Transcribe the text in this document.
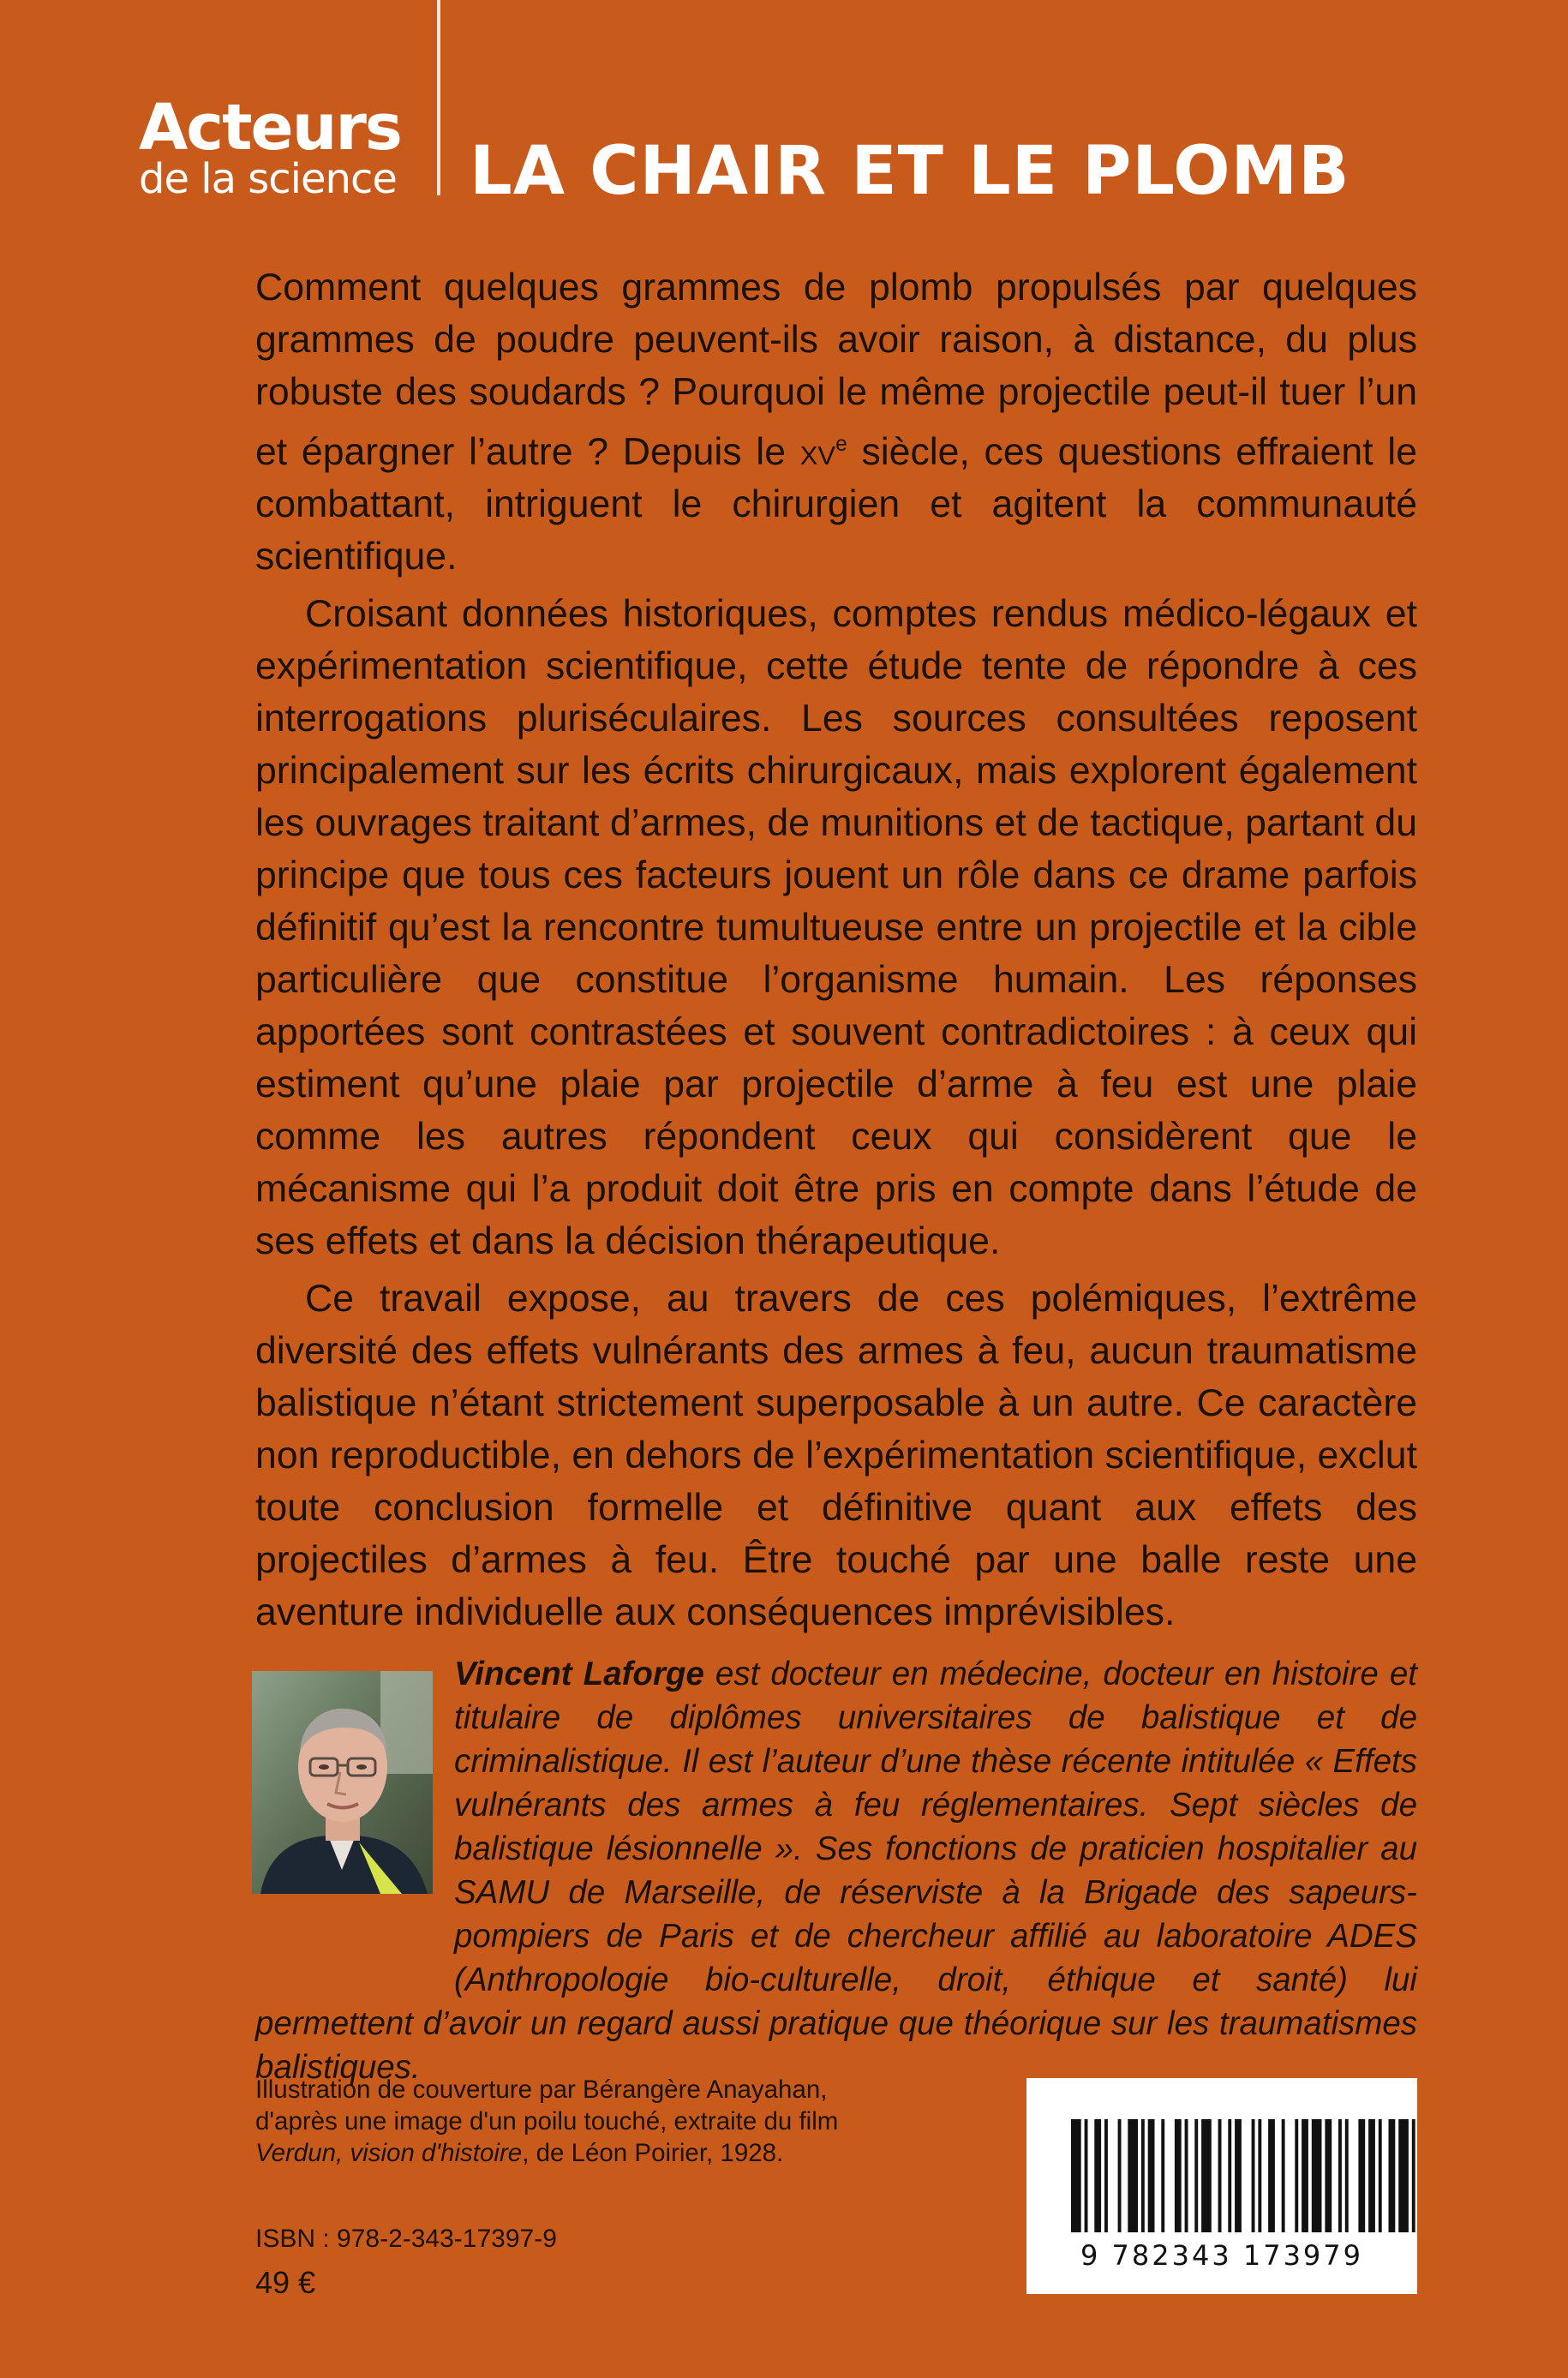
Acteurs
de la science LA CHAIR ET LE PLOMB

Comment quelques grammes de plomb propulsés par quelques grammes de poudre peuvent-ils avoir raison, à distance, du plus robuste des soudards ? Pourquoi le même projectile peut-il tuer l’un et épargner l’autre ? Depuis le $xv^e$ siècle, ces questions effraient le combattant, intriguent le chirurgien et agitent la communauté scientifique.

Croisant données historiques, comptes rendus médico-légaux et expérimentation scientifique, cette étude tente de répondre à ces interrogations pluriséculaires. Les sources consultées reposent principalement sur les écrits chirurgicaux, mais explorent également les ouvrages traitant d’armes, de munitions et de tactique, partant du principe que tous ces facteurs jouent un rôle dans ce drame parfois définitif qu’est la rencontre tumultueuse entre un projectile et la cible particulière que constitue l’organisme humain. Les réponses apportées sont contrastées et souvent contradictoires : à ceux qui estiment qu’une plaie par projectile d’arme à feu est une plaie comme les autres répondent ceux qui considèrent que le mécanisme qui l’a produit doit être pris en compte dans l’étude de ses effets et dans la décision thérapeutique.

Ce travail expose, au travers de ces polémiques, l’extrême diversité des effets vulnérants des armes à feu, aucun traumatisme balistique n’étant strictement superposable à un autre. Ce caractère non reproductible, en dehors de l’expérimentation scientifique, exclut toute conclusion formelle et définitive quant aux effets des projectiles d’armes à feu. Être touché par une balle reste une aventure individuelle aux conséquences imprévisibles.

Vincent Laforge est docteur en médecine, docteur en histoire et titulaire de diplômes universitaires de balistique et de criminalistique. Il est l’auteur d’une thèse récente intitulée « Effets vulnérants des armes à feu réglementaires. Sept siècles de balistique lésionnelle ». Ses fonctions de praticien hospitalier au SAMU de Marseille, de réserviste à la Brigade des sapeurs-pompiers de Paris et de chercheur affilié au laboratoire ADES (Anthropologie bio-culturelle, droit, éthique et santé) lui permettent d’avoir un regard aussi pratique que théorique sur les traumatismes balistiques.
Illustration de couverture par Bérangère Anayahan,
d'après une image d'un poilu touché, extraite du film
Verdun, vision d'histoire, de Léon Poirier, 1928.
ISBN : 978-2-343-17397-9
49 €
9 782343 173979
